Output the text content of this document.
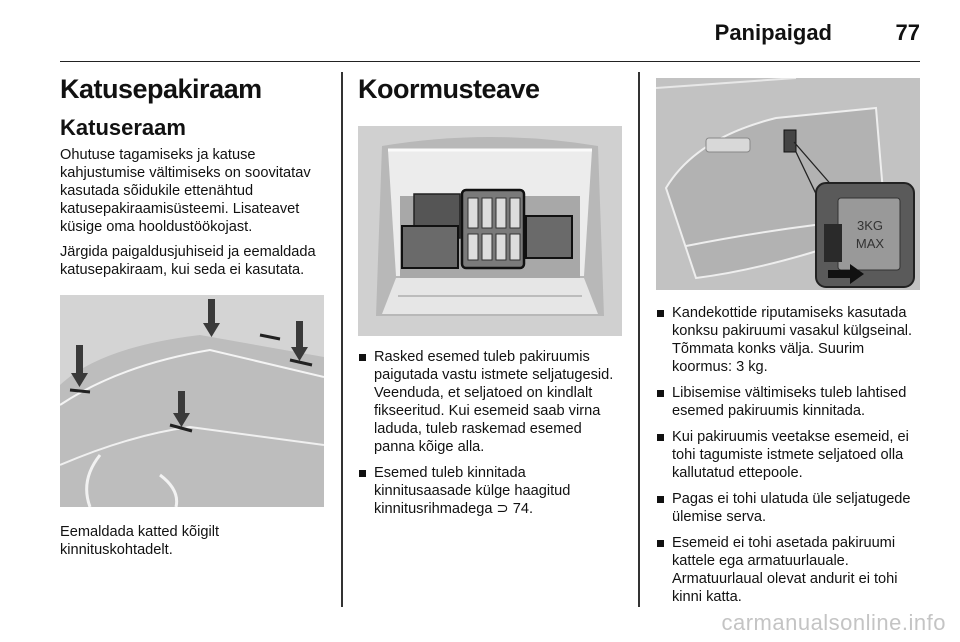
Panipaigad	77
Katusepakiraam
Katuseraam

Ohutuse tagamiseks ja katuse kahjustumise vältimiseks on soovitatav kasutada sõidukile ettenähtud katusepakiraamisüsteemi. Lisateavet küsige oma hooldustöökojast.

Järgida paigaldusjuhiseid ja eemaldada katusepakiraam, kui seda ei kasutata.

Eemaldada katted kõigilt kinnituskohtadelt.
Koormusteave
Rasked esemed tuleb pakiruumis paigutada vastu istmete seljatugesid. Veenduda, et seljatoed on kindlalt fikseeritud. Kui esemeid saab virna laduda, tuleb raskemad esemed panna kõige alla.
Esemed tuleb kinnitada kinnitusaasade külge haagitud kinnitusrihmadega ⊃ 74.
3KG
MAX
Kandekottide riputamiseks kasutada konksu pakiruumi vasakul külgseinal. Tõmmata konks välja. Suurim koormus: 3 kg.
Libisemise vältimiseks tuleb lahtised esemed pakiruumis kinnitada.
Kui pakiruumis veetakse esemeid, ei tohi tagumiste istmete seljatoed olla kallutatud ettepoole.
Pagas ei tohi ulatuda üle seljatugede ülemise serva.
Esemeid ei tohi asetada pakiruumi kattele ega armatuurlauale. Armatuurlaual olevat andurit ei tohi kinni katta.
carmanualsonline.info
